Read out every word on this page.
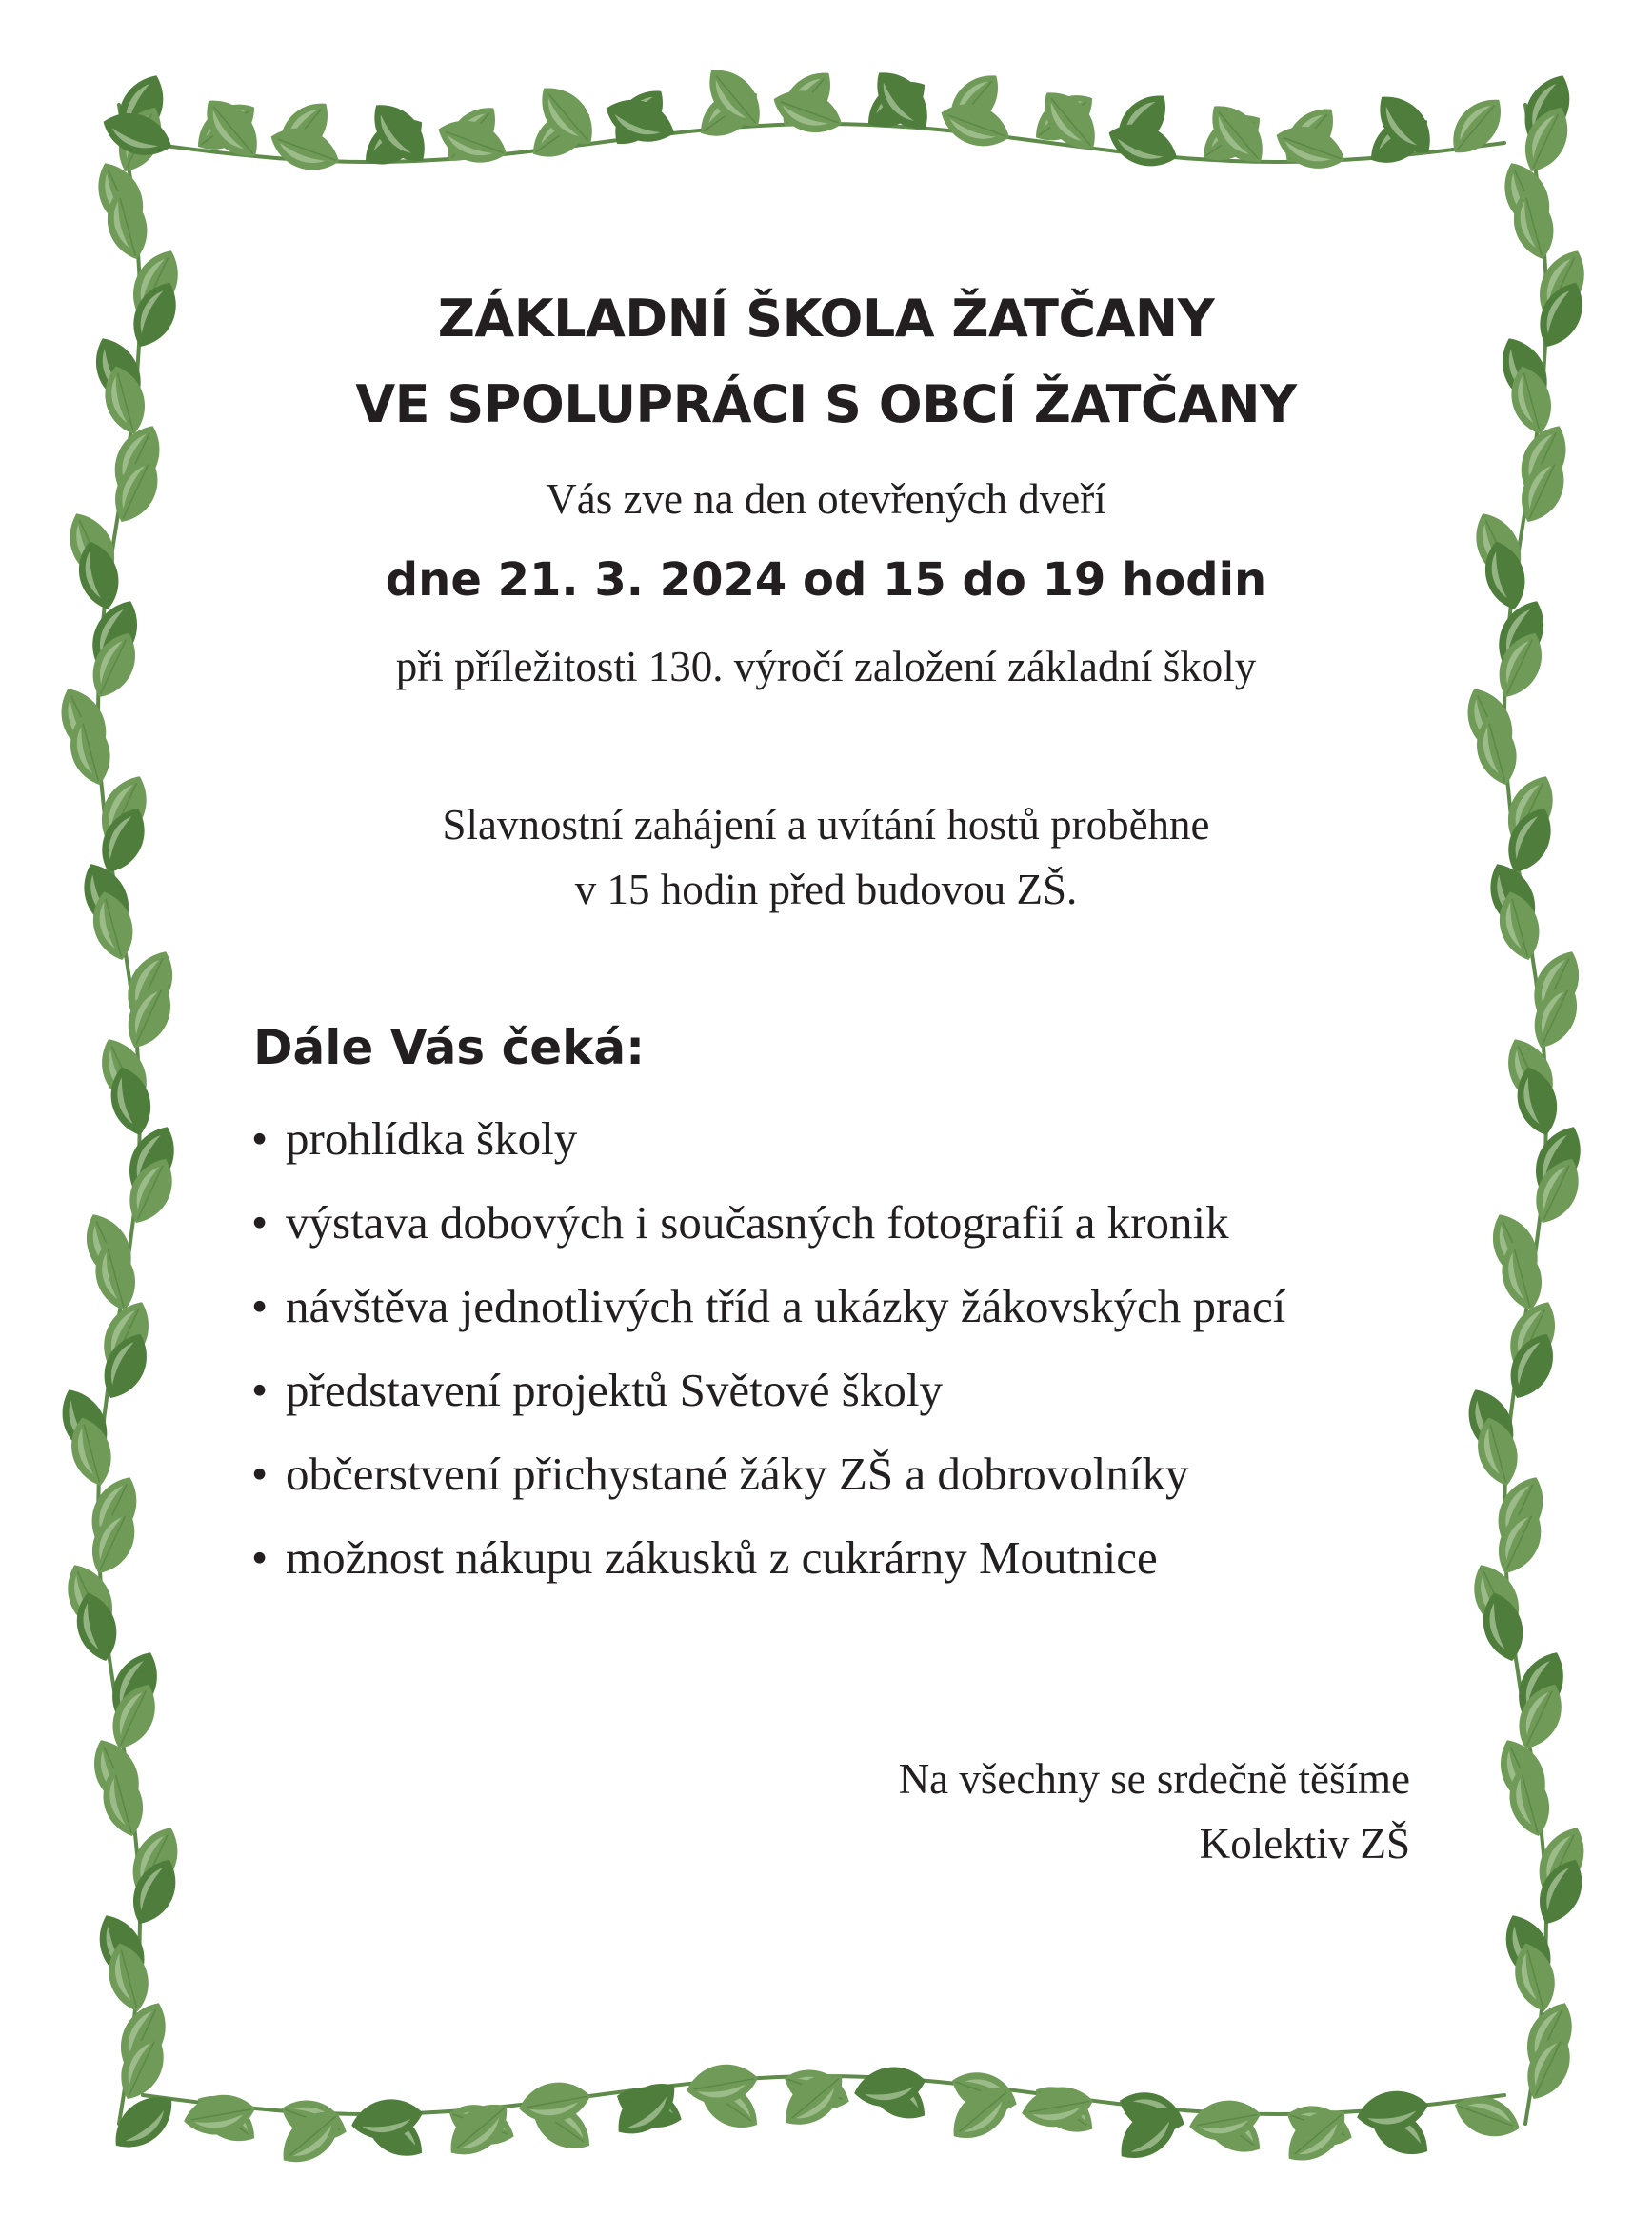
ZÁKLADNÍ ŠKOLA ŽATČANY
VE SPOLUPRÁCI S OBCÍ ŽATČANY
Vás zve na den otevřených dveří
dne 21. 3. 2024 od 15 do 19 hodin
při příležitosti 130. výročí založení základní školy
Slavnostní zahájení a uvítání hostů proběhne
v 15 hodin před budovou ZŠ.
Dále Vás čeká:
• prohlídka školy
• výstava dobových i současných fotografií a kronik
• návštěva jednotlivých tříd a ukázky žákovských prací
• představení projektů Světové školy
• občerstvení přichystané žáky ZŠ a dobrovolníky
• možnost nákupu zákusků z cukrárny Moutnice
Na všechny se srdečně těšíme
Kolektiv ZŠ
